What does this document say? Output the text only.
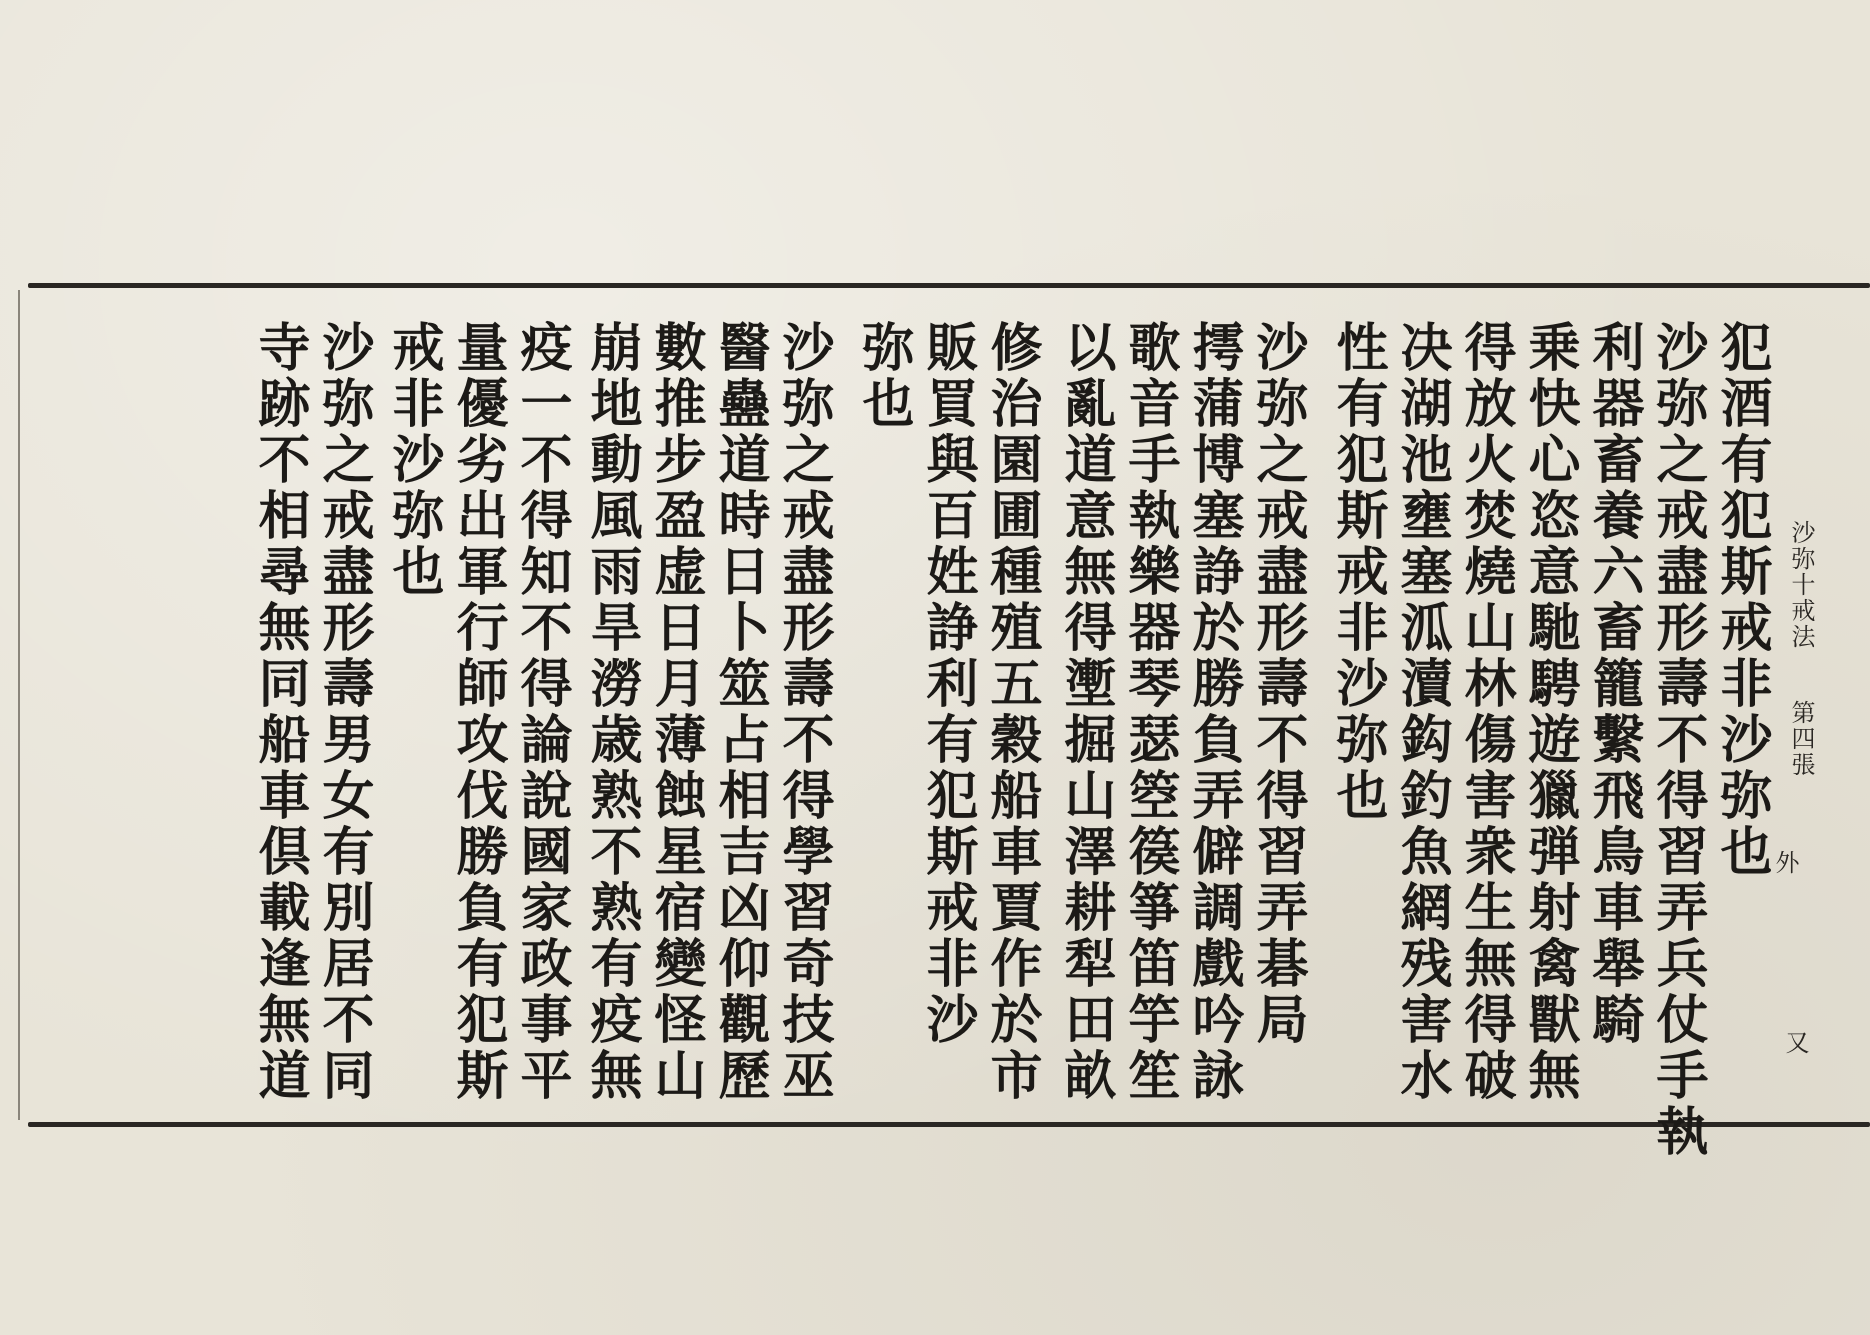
沙弥十戒法
第四張
外
又
犯酒有犯斯戒非沙弥也
沙弥之戒盡形壽不得習弄兵仗手執
利器畜養六畜籠繫飛鳥車舉騎
乗快心恣意馳騁遊獵弾射禽獸無
得放火焚燒山林傷害衆生無得破
决湖池壅塞泒瀆鈎釣魚網残害水
性有犯斯戒非沙弥也
沙弥之戒盡形壽不得習弄碁局
摴蒲博塞諍於勝負弄僻調戲吟詠
歌音手執樂器琴瑟箜篌箏笛竽笙
以亂道意無得壍掘山澤耕犁田畝
修治園圃種殖五穀船車賈作於市
販買與百姓諍利有犯斯戒非沙
弥也
沙弥之戒盡形壽不得學習奇技巫
醫蠱道時日卜筮占相吉凶仰觀歷
數推步盈虚日月薄蝕星宿變怪山
崩地動風雨旱澇歳熟不熟有疫無
疫一不得知不得論說國家政事平
量優劣出軍行師攻伐勝負有犯斯
戒非沙弥也
沙弥之戒盡形壽男女有別居不同
寺跡不相尋無同船車倶載逢無道
